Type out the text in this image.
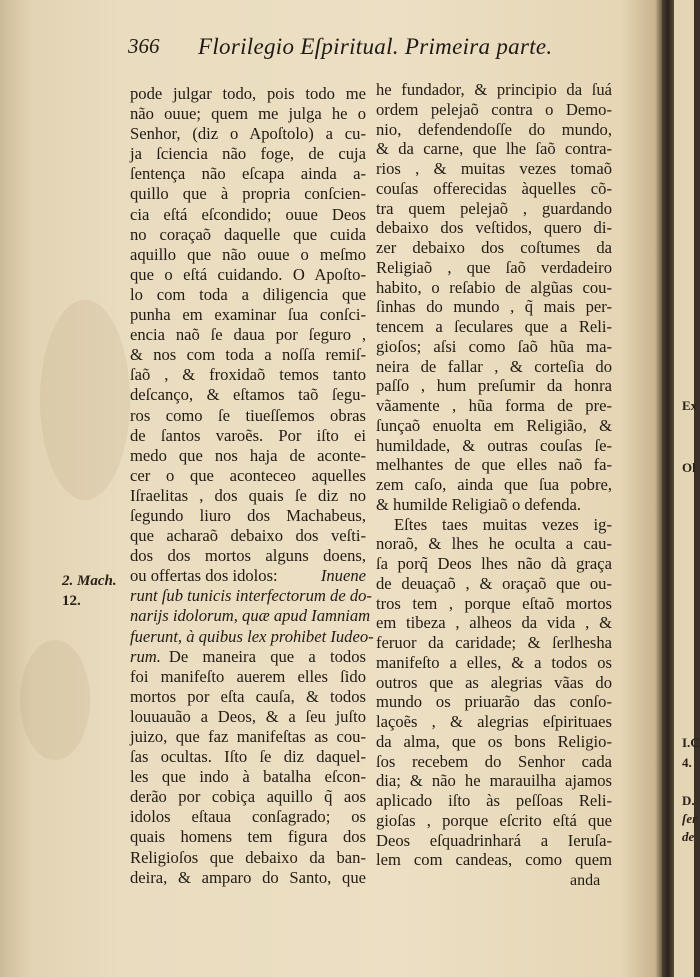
366 Florilegio Eſpiritual. Primeira parte.
2. Mach.
12.
pode julgar todo, pois todo me
não ouue; quem me julga he o
Senhor, (diz o Apoſtolo) a cu-
ja ſciencia não foge, de cuja
ſentença não eſcapa ainda a-
quillo que à propria conſcien-
cia eſtá eſcondido; ouue Deos
no coraçaõ daquelle que cuida
aquillo que não ouue o meſmo
que o eſtá cuidando. O Apoſto-
lo com toda a diligencia que
punha em examinar ſua conſci-
encia naõ ſe daua por ſeguro ,
& nos com toda a noſſa remiſ-
ſaõ , & froxidaõ temos tanto
deſcanço, & eſtamos taõ ſegu-
ros como ſe tiueſſemos obras
de ſantos varoẽs. Por iſto ei
medo que nos haja de aconte-
cer o que aconteceo aquelles
Iſraelitas , dos quais ſe diz no
ſegundo liuro dos Machabeus,
que acharaõ debaixo dos veſti-
dos dos mortos alguns doens,
ou offertas dos idolos:	Inuene
runt ſub tunicis interfectorum de do-
narijs idolorum, quæ apud Iamniam
fuerunt, à quibus lex prohibet Iudeo-
rum. De maneira que a todos
foi manifeſto auerem elles ſido
mortos por eſta cauſa, & todos
louuauão a Deos, & a ſeu juſto
juizo, que faz manifeſtas as cou-
ſas ocultas. Iſto ſe diz daquel-
les que indo à batalha eſcon-
derão por cobiça aquillo q̃ aos
idolos eſtaua conſagrado; os
quais homens tem figura dos
Religioſos que debaixo da ban-
deira, & amparo do Santo, que
he fundador, & principio da ſuá
ordem pelejaõ contra o Demo-
nio, defendendoſſe do mundo,
& da carne, que lhe ſaõ contra-
rios , & muitas vezes tomaõ
couſas offerecidas àquelles cõ-
tra quem pelejaõ , guardando
debaixo dos veſtidos, quero di-
zer debaixo dos coſtumes da
Religiaõ , que ſaõ verdadeiro
habito, o reſabio de algũas cou-
ſinhas do mundo , q̃ mais per-
tencem a ſeculares que a Reli-
gioſos; aſsi como ſaõ hũa ma-
neira de fallar , & corteſia do
paſſo , hum preſumir da honra
vãamente , hũa forma de pre-
ſunçaõ enuolta em Religião, &
humildade, & outras couſas ſe-
melhantes de que elles naõ fa-
zem caſo, ainda que ſua pobre,
& humilde Religiaõ o defenda.
Eſtes taes muitas vezes ig-
noraõ, & lhes he oculta a cau-
ſa porq̃ Deos lhes não dà graça
de deuaçaõ , & oraçaõ que ou-
tros tem , porque eſtaõ mortos
em tibeza , alheos da vida , &
feruor da caridade; & ſerlhesha
manifeſto a elles, & a todos os
outros que as alegrias vãas do
mundo os priuarão das conſo-
laçoẽs , & alegrias eſpirituaes
da alma, que os bons Religio-
ſos recebem do Senhor cada
dia; & não he marauilha ajamos
aplicado iſto às peſſoas Reli-
gioſas , porque eſcrito eſtá que
Deos eſquadrinhará a Ieruſa-
lem com candeas, como quem
anda
Ex
Ol
I.C
4.
D.
ſer
de
